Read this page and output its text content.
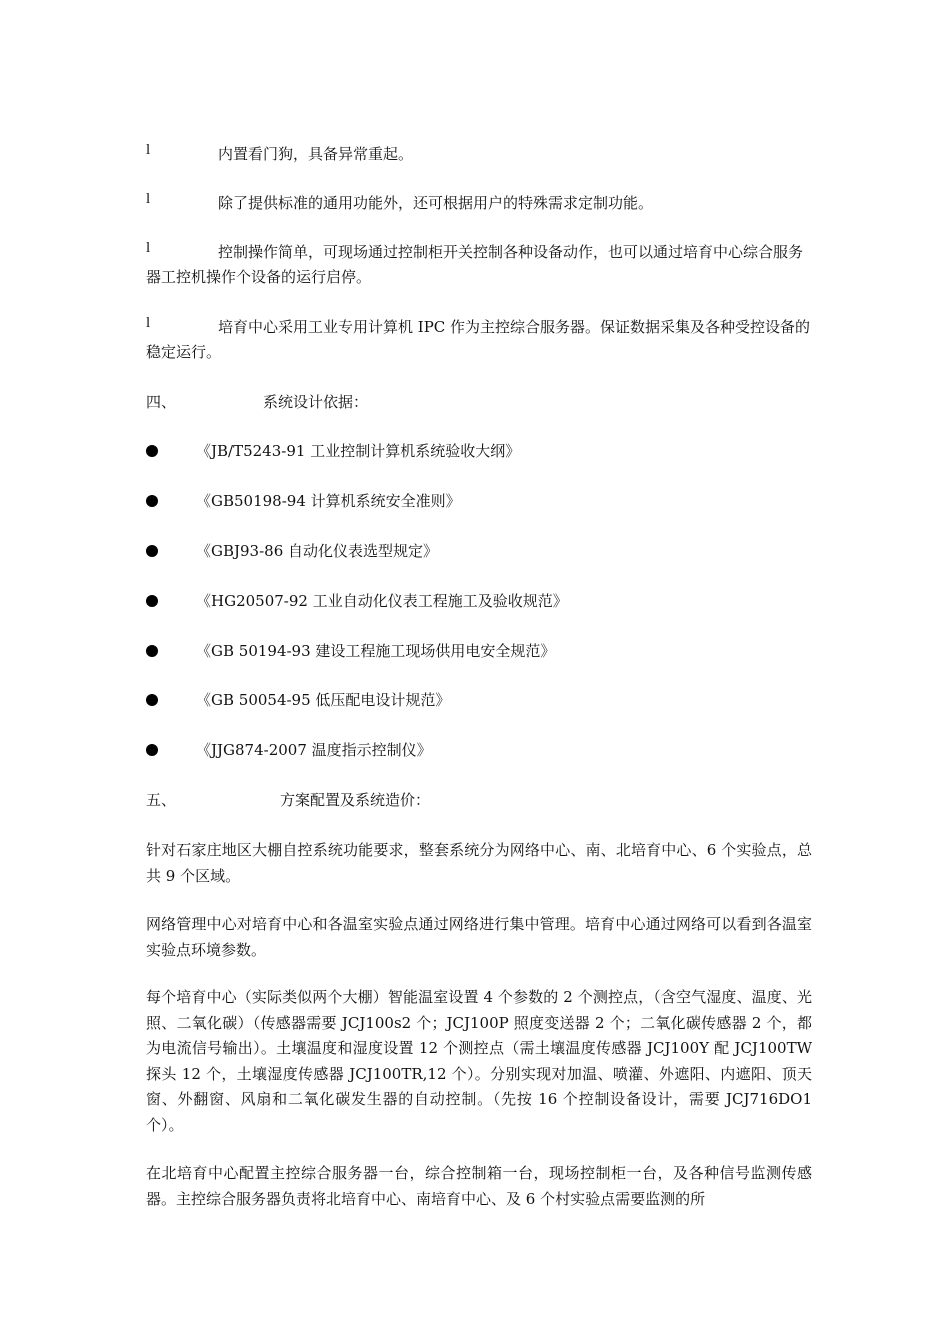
l	内置看门狗，具备异常重起。
l	除了提供标准的通用功能外，还可根据用户的特殊需求定制功能。
l	控制操作简单，可现场通过控制柜开关控制各种设备动作，也可以通过培育中心综合服务器工控机操作个设备的运行启停。
l	培育中心采用工业专用计算机 IPC 作为主控综合服务器。保证数据采集及各种受控设备的稳定运行。
四、	系统设计依据：
《JB/T5243-91 工业控制计算机系统验收大纲》
《GB50198-94 计算机系统安全准则》
《GBJ93-86 自动化仪表选型规定》
《HG20507-92 工业自动化仪表工程施工及验收规范》
《GB 50194-93 建设工程施工现场供用电安全规范》
《GB 50054-95 低压配电设计规范》
《JJG874-2007 温度指示控制仪》
五、	方案配置及系统造价：
针对石家庄地区大棚自控系统功能要求，整套系统分为网络中心、南、北培育中心、6 个实验点，总共 9 个区域。
网络管理中心对培育中心和各温室实验点通过网络进行集中管理。培育中心通过网络可以看到各温室实验点环境参数。
每个培育中心（实际类似两个大棚）智能温室设置 4 个参数的 2 个测控点，（含空气湿度、温度、光照、二氧化碳）（传感器需要 JCJ100s2 个；JCJ100P 照度变送器 2 个；二氧化碳传感器 2 个，都为电流信号输出）。土壤温度和湿度设置 12 个测控点（需土壤温度传感器 JCJ100Y 配 JCJ100TW 探头 12 个，土壤湿度传感器 JCJ100TR,12 个）。分别实现对加温、喷灌、外遮阳、内遮阳、顶天窗、外翻窗、风扇和二氧化碳发生器的自动控制。（先按 16 个控制设备设计，需要 JCJ716DO1 个）。
在北培育中心配置主控综合服务器一台，综合控制箱一台，现场控制柜一台，及各种信号监测传感器。主控综合服务器负责将北培育中心、南培育中心、及 6 个村实验点需要监测的所
